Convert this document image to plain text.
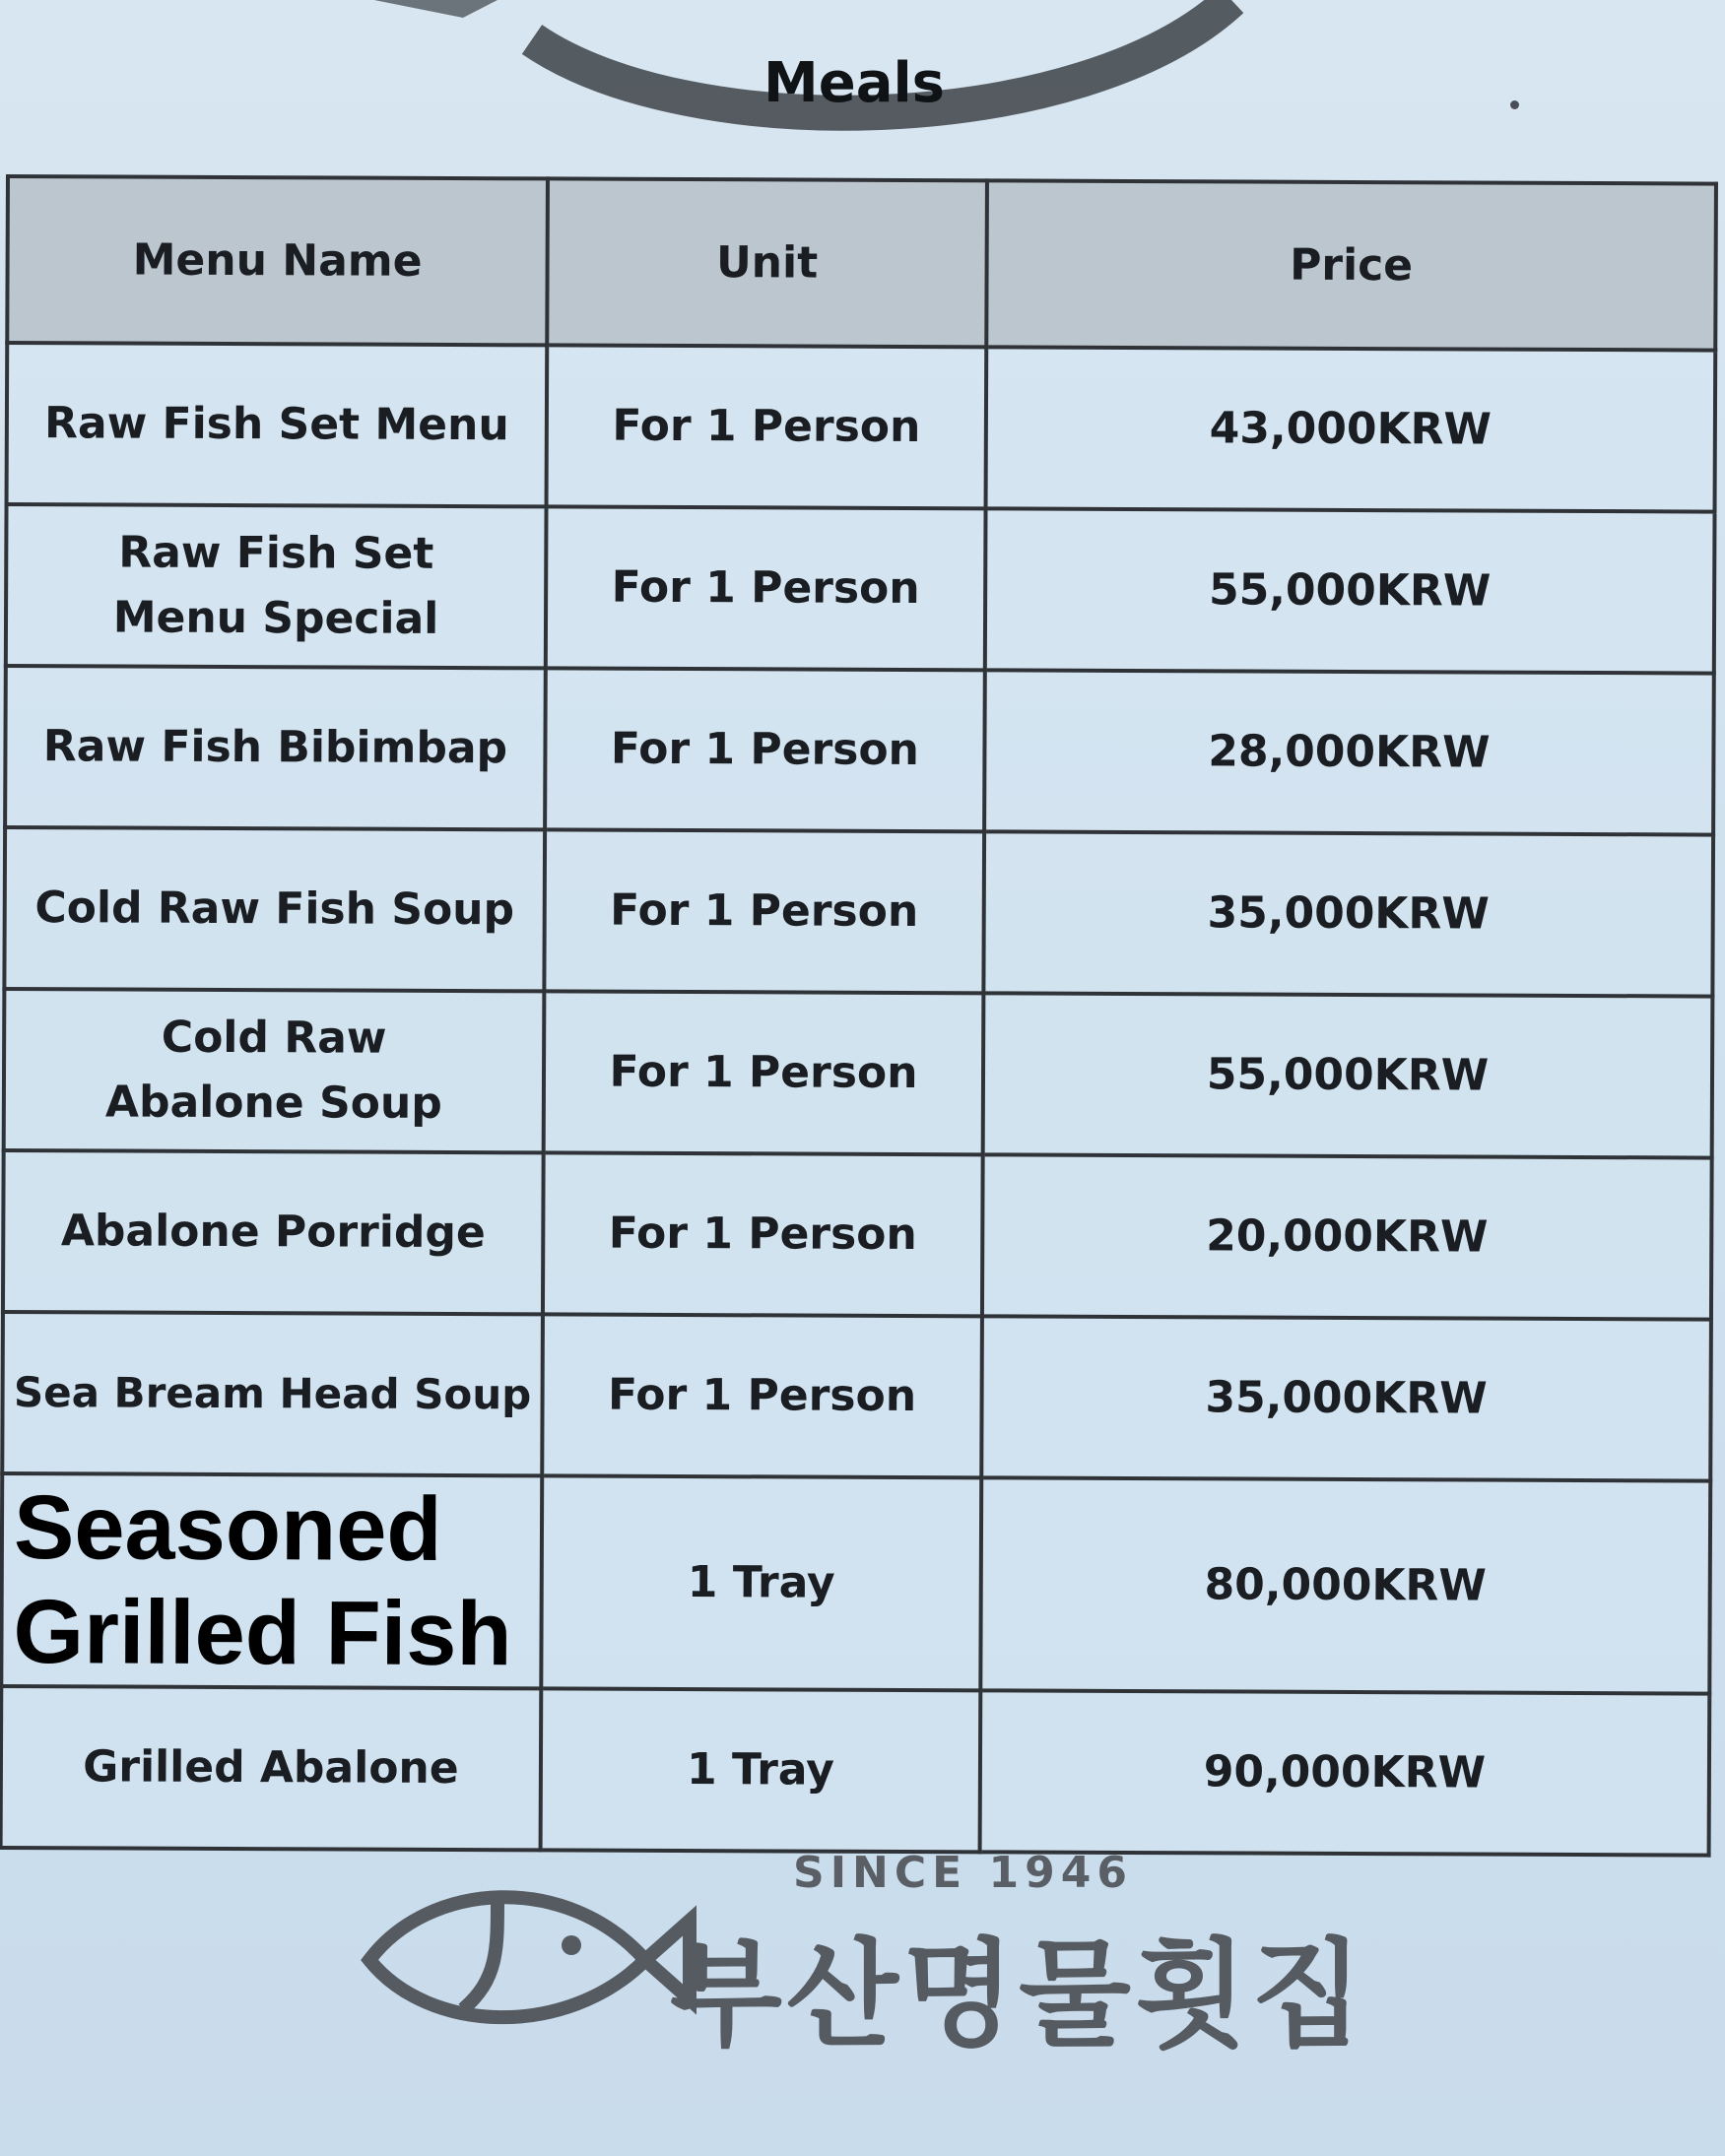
Meals
Menu Name	Unit	Price
Raw Fish Set Menu	For 1 Person	43,000KRW
Raw Fish Set
Menu Special	For 1 Person	55,000KRW
Raw Fish Bibimbap	For 1 Person	28,000KRW
Cold Raw Fish Soup	For 1 Person	35,000KRW
Cold Raw
Abalone Soup	For 1 Person	55,000KRW
Abalone Porridge	For 1 Person	20,000KRW
Sea Bream Head Soup	For 1 Person	35,000KRW
Seasoned
Grilled Fish	1 Tray	80,000KRW
Grilled Abalone	1 Tray	90,000KRW
SINCE 1946
부산명물횟집
